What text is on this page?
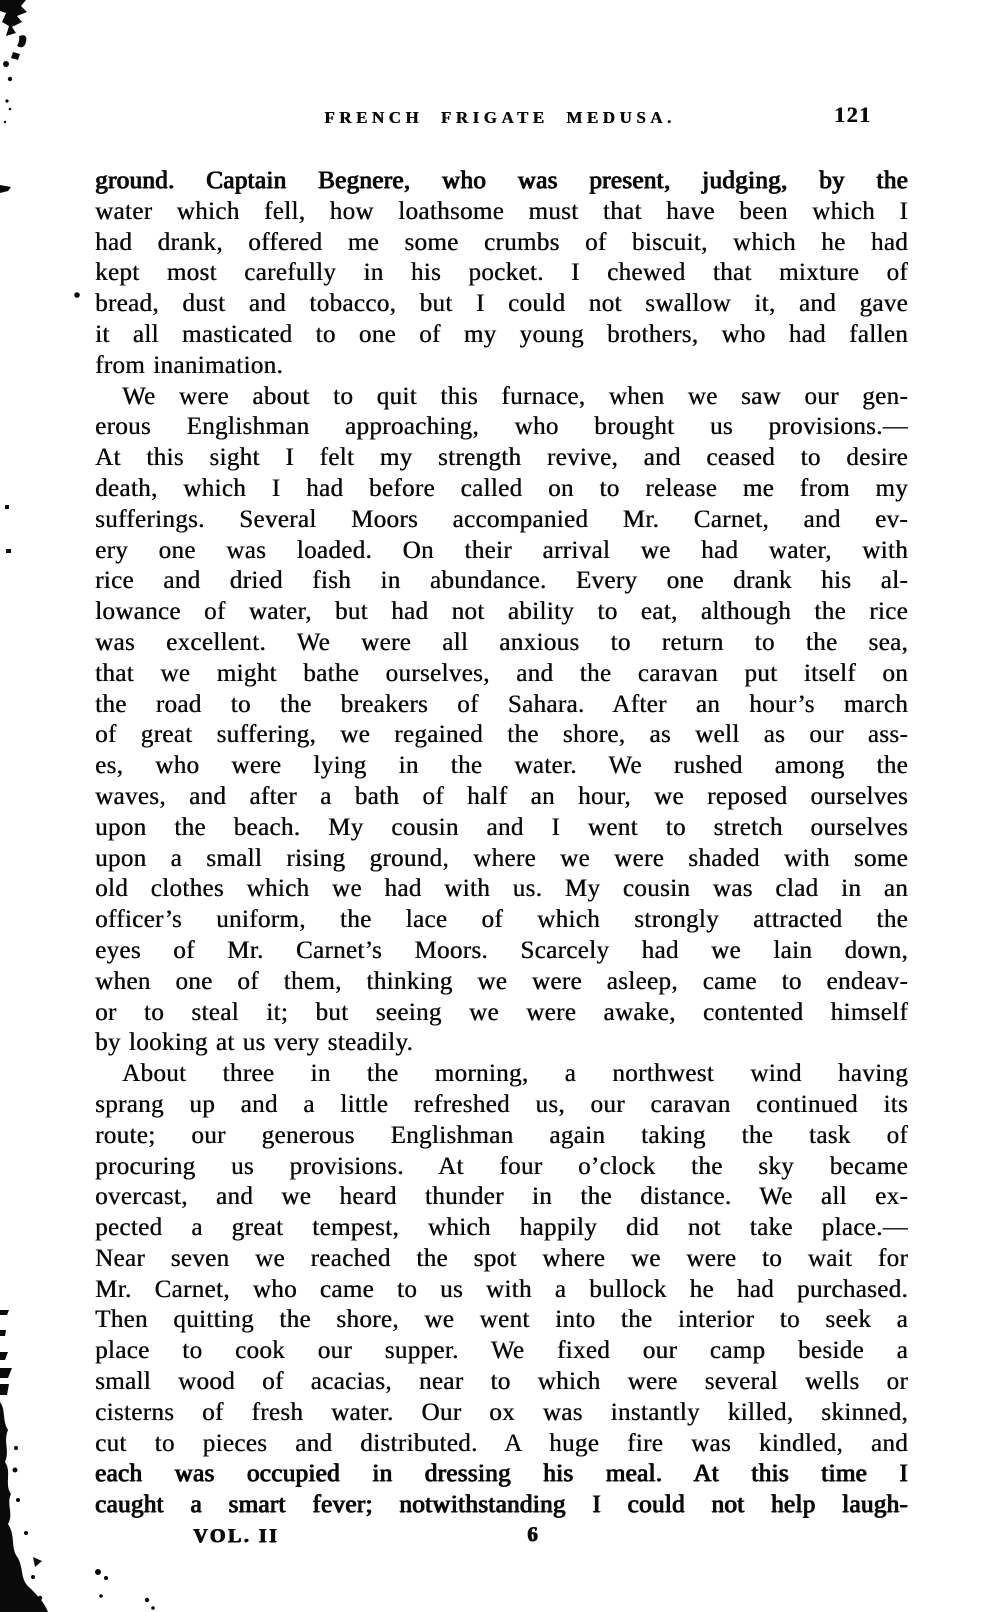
FRENCH FRIGATE MEDUSA.	121
ground. Captain Begnere, who was present, judging, by the
water which fell, how loathsome must that have been which I
had drank, offered me some crumbs of biscuit, which he had
kept most carefully in his pocket. I chewed that mixture of
bread, dust and tobacco, but I could not swallow it, and gave
it all masticated to one of my young brothers, who had fallen
from inanimation.
We were about to quit this furnace, when we saw our gen-
erous Englishman approaching, who brought us provisions.—
At this sight I felt my strength revive, and ceased to desire
death, which I had before called on to release me from my
sufferings. Several Moors accompanied Mr. Carnet, and ev-
ery one was loaded. On their arrival we had water, with
rice and dried fish in abundance. Every one drank his al-
lowance of water, but had not ability to eat, although the rice
was excellent. We were all anxious to return to the sea,
that we might bathe ourselves, and the caravan put itself on
the road to the breakers of Sahara. After an hour’s march
of great suffering, we regained the shore, as well as our ass-
es, who were lying in the water. We rushed among the
waves, and after a bath of half an hour, we reposed ourselves
upon the beach. My cousin and I went to stretch ourselves
upon a small rising ground, where we were shaded with some
old clothes which we had with us. My cousin was clad in an
officer’s uniform, the lace of which strongly attracted the
eyes of Mr. Carnet’s Moors. Scarcely had we lain down,
when one of them, thinking we were asleep, came to endeav-
or to steal it; but seeing we were awake, contented himself
by looking at us very steadily.
About three in the morning, a northwest wind having
sprang up and a little refreshed us, our caravan continued its
route; our generous Englishman again taking the task of
procuring us provisions. At four o’clock the sky became
overcast, and we heard thunder in the distance. We all ex-
pected a great tempest, which happily did not take place.—
Near seven we reached the spot where we were to wait for
Mr. Carnet, who came to us with a bullock he had purchased.
Then quitting the shore, we went into the interior to seek a
place to cook our supper. We fixed our camp beside a
small wood of acacias, near to which were several wells or
cisterns of fresh water. Our ox was instantly killed, skinned,
cut to pieces and distributed. A huge fire was kindled, and
each was occupied in dressing his meal. At this time I
caught a smart fever; notwithstanding I could not help laugh-
VOL. II	6
